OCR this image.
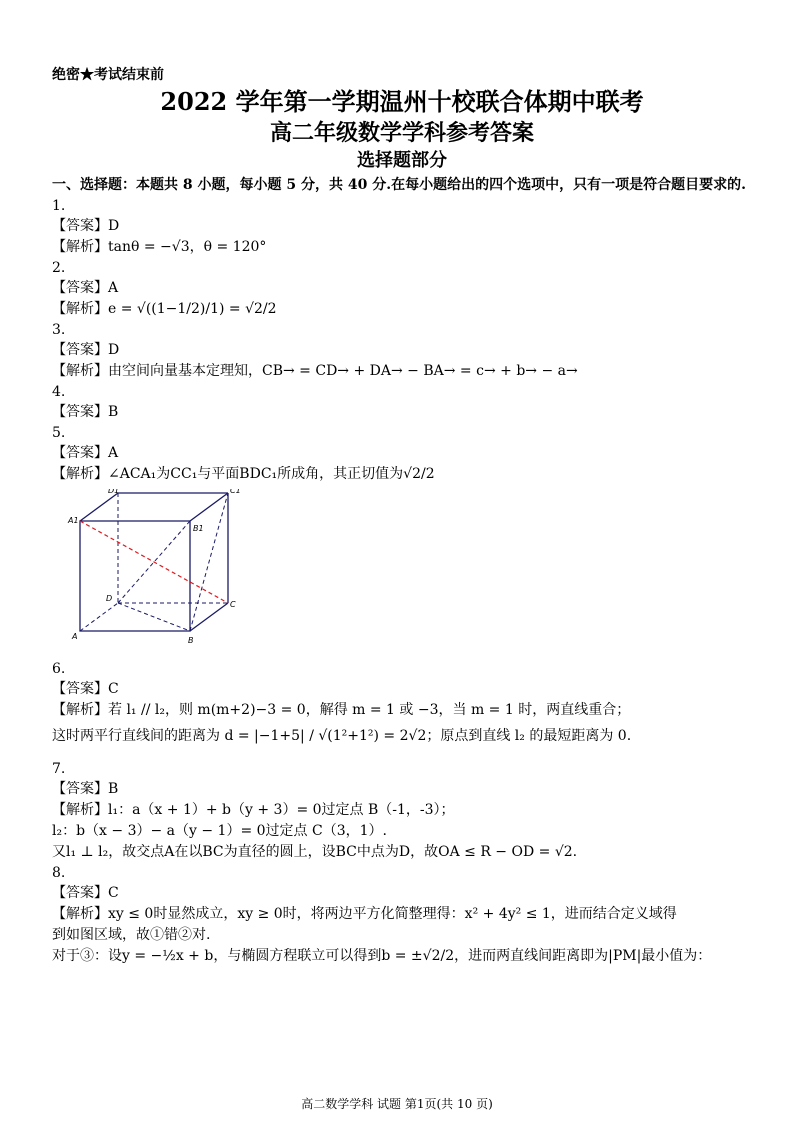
绝密★考试结束前
2022 学年第一学期温州十校联合体期中联考
高二年级数学学科参考答案
选择题部分
一、选择题：本题共 8 小题，每小题 5 分，共 40 分.在每小题给出的四个选项中，只有一项是符合题目要求的.
1.
【答案】D
【解析】tanθ = −√3，θ = 120°
2.
【答案】A
【解析】e = √((1−1/2)/1) = √2/2
3.
【答案】D
【解析】由空间向量基本定理知，CB→ = CD→ + DA→ − BA→ = c→ + b→ − a→
4.
【答案】B
5.
【答案】A
【解析】∠ACA₁为CC₁与平面BDC₁所成角，其正切值为√2/2
D1	C1
A1
B1
D
C
A	B
6.
【答案】C
【解析】若 l₁ // l₂，则 m(m+2)−3 = 0，解得 m = 1 或 −3，当 m = 1 时，两直线重合；
这时两平行直线间的距离为 d = |−1+5| / √(1²+1²) = 2√2；原点到直线 l₂ 的最短距离为 0.
7.
【答案】B
【解析】l₁：a（x + 1）+ b（y + 3）= 0过定点 B（-1，-3）；
l₂：b（x − 3）− a（y − 1）= 0过定点 C（3，1）.
又l₁ ⊥ l₂，故交点A在以BC为直径的圆上，设BC中点为D，故OA ≤ R − OD = √2.
8.
【答案】C
【解析】xy ≤ 0时显然成立，xy ≥ 0时，将两边平方化简整理得：x² + 4y² ≤ 1，进而结合定义域得
到如图区域，故①错②对.
对于③：设y = −½x + b，与椭圆方程联立可以得到b = ±√2/2，进而两直线间距离即为|PM|最小值为：
高二数学学科 试题 第1页(共 10 页)
